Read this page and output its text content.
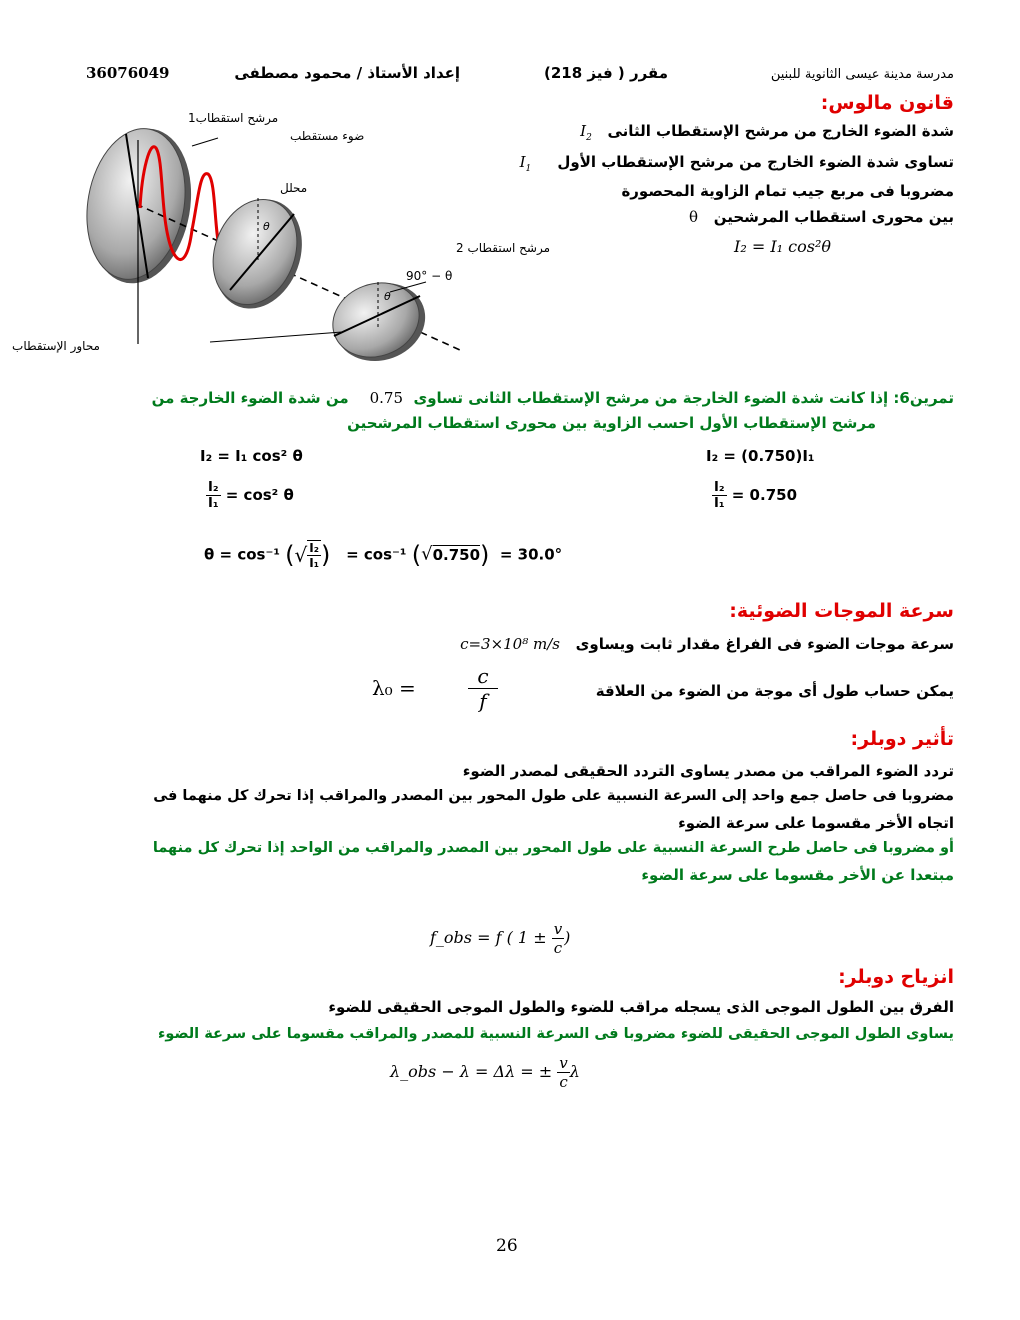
36076049	إعداد الأستاذ / محمود مصطفى	مقرر ( فيز 218)	مدرسة مدينة عيسى الثانوية للبنين
θ
θ
مرشح استقطاب1
ضوء مستقطب
محلل
مرشح استقطاب 2
90° − θ
محاور الإستقطاب
قانون مالوس:
شدة الضوء الخارج من مرشح الإستقطاب الثانى   $I_2$
تساوى شدة الضوء الخارج من مرشح الإستقطاب الأول     $I_1$
مضروبا فى مربع جيب تمام الزاوية المحصورة
بين محورى استقطاب المرشحين   θ
I₂ = I₁ cos²θ
تمرين6: إذا كانت شدة الضوء الخارجة من مرشح الإستقطاب الثانى تساوى  0.75    من شدة الضوء الخارجة من
مرشح الإستقطاب الأول احسب الزاوية بين محورى استقطاب المرشحين
I₂ = I₁ cos² θ	I₂ = (0.750)I₁
$\frac{\text{I₂}}{\text{I₁}} = \cos^2$ θ	$\frac{\text{I₂}}{\text{I₁}} = 0.750$
θ = cos⁻¹ (√ $\frac{\text{I₂}}{\text{I₁}}$ ) = cos⁻¹ (√0.750) = 30.0°
سرعة الموجات الضوئية:
سرعة موجات الضوء فى الفراغ مقدار ثابت ويساوى   c=3×10⁸ m/s
يمكن حساب طول أى موجة من الضوء من العلاقة
λ₀ =	$\frac{c}{f}$
تأثير دوبلر:
تردد الضوء المراقب من مصدر يساوى التردد الحقيقى لمصدر الضوء
مضروبا فى حاصل جمع واحد إلى السرعة النسبية على طول المحور بين المصدر والمراقب إذا تحرك كل منهما فى
اتجاه الأخر مقسوما على سرعة الضوء
أو مضروبا فى حاصل طرح السرعة النسبية على طول المحور بين المصدر والمراقب من الواحد إذا تحرك كل منهما
مبتعدا عن الأخر مقسوما على سرعة الضوء
f_obs = f ( $1 \pm \frac{v}{c}$ )
انزياح دوبلر:
الفرق بين الطول الموجى الذى يسجله مراقب للضوء والطول الموجى الحقيقى للضوء
يساوى الطول الموجى الحقيقى للضوء مضروبا فى السرعة النسبية للمصدر والمراقب مقسوما على سرعة الضوء
λ_obs − λ = Δλ = ± $\frac{v}{c}$ λ
26
